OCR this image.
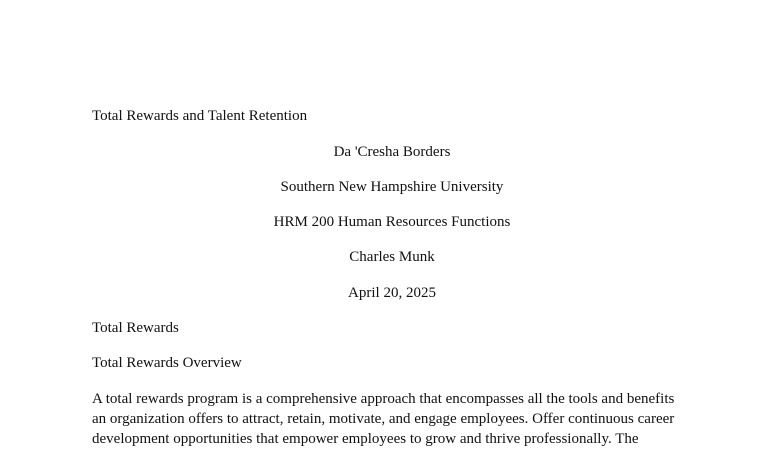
Total Rewards and Talent Retention
Da 'Cresha Borders
Southern New Hampshire University
HRM 200 Human Resources Functions
Charles Munk
April 20, 2025
Total Rewards
Total Rewards Overview
A total rewards program is a comprehensive approach that encompasses all the tools and benefits
an organization offers to attract, retain, motivate, and engage employees. Offer continuous career
development opportunities that empower employees to grow and thrive professionally. The
